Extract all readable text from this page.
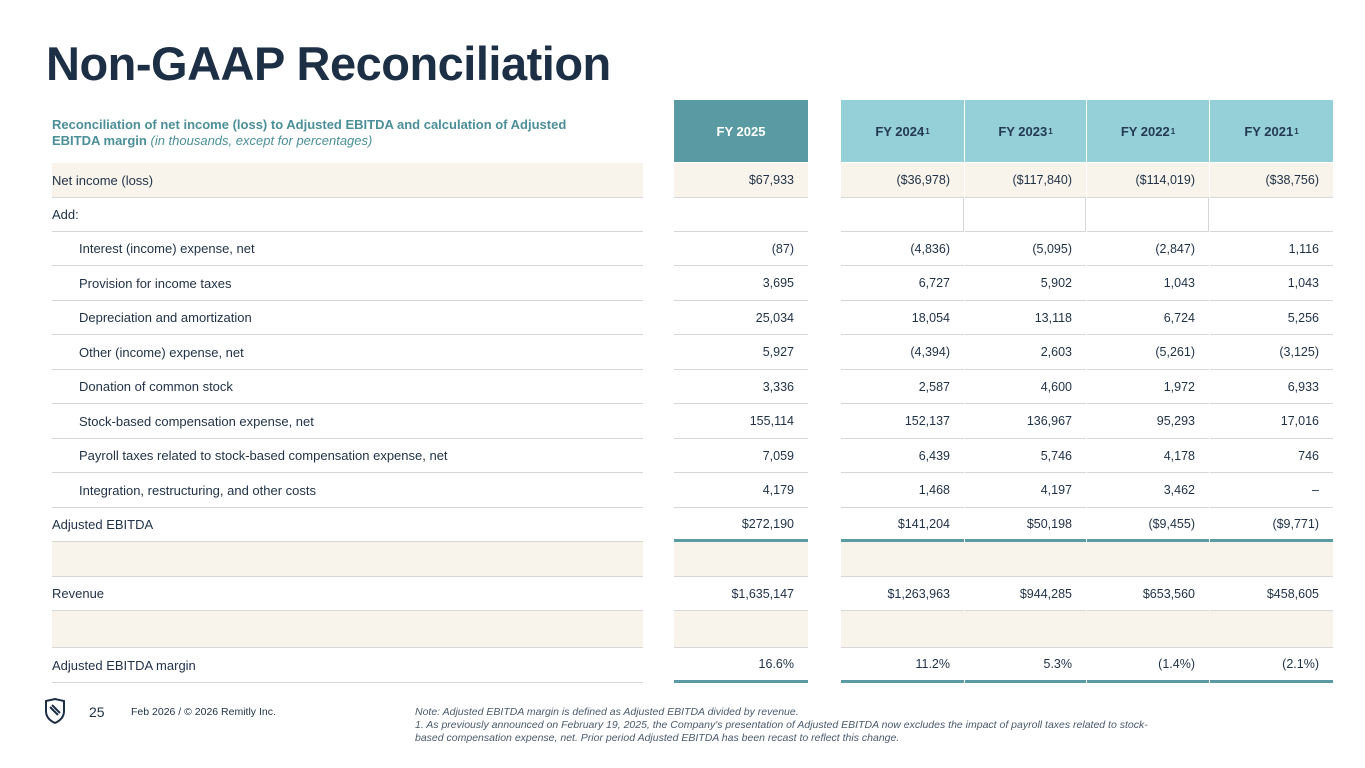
Non-GAAP Reconciliation
Reconciliation of net income (loss) to Adjusted EBITDA and calculation of Adjusted EBITDA margin (in thousands, except for percentages)
FY 2025	FY 2024 1	FY 2023 1	FY 2022 1	FY 2021 1
Net income (loss)	$67,933	($36,978)	($117,840)	($114,019)	($38,756)
Add:
Interest (income) expense, net	(87)	(4,836)	(5,095)	(2,847)	1,116
Provision for income taxes	3,695	6,727	5,902	1,043	1,043
Depreciation and amortization	25,034	18,054	13,118	6,724	5,256
Other (income) expense, net	5,927	(4,394)	2,603	(5,261)	(3,125)
Donation of common stock	3,336	2,587	4,600	1,972	6,933
Stock-based compensation expense, net	155,114	152,137	136,967	95,293	17,016
Payroll taxes related to stock-based compensation expense, net	7,059	6,439	5,746	4,178	746
Integration, restructuring, and other costs	4,179	1,468	4,197	3,462	–
Adjusted EBITDA	$272,190	$141,204	$50,198	($9,455)	($9,771)
Revenue	$1,635,147	$1,263,963	$944,285	$653,560	$458,605
Adjusted EBITDA margin	16.6%	11.2%	5.3%	(1.4%)	(2.1%)
25	Feb 2026 / © 2026 Remitly Inc.	Note: Adjusted EBITDA margin is defined as Adjusted EBITDA divided by revenue.
1. As previously announced on February 19, 2025, the Company's presentation of Adjusted EBITDA now excludes the impact of payroll taxes related to stock-based compensation expense, net. Prior period Adjusted EBITDA has been recast to reflect this change.
